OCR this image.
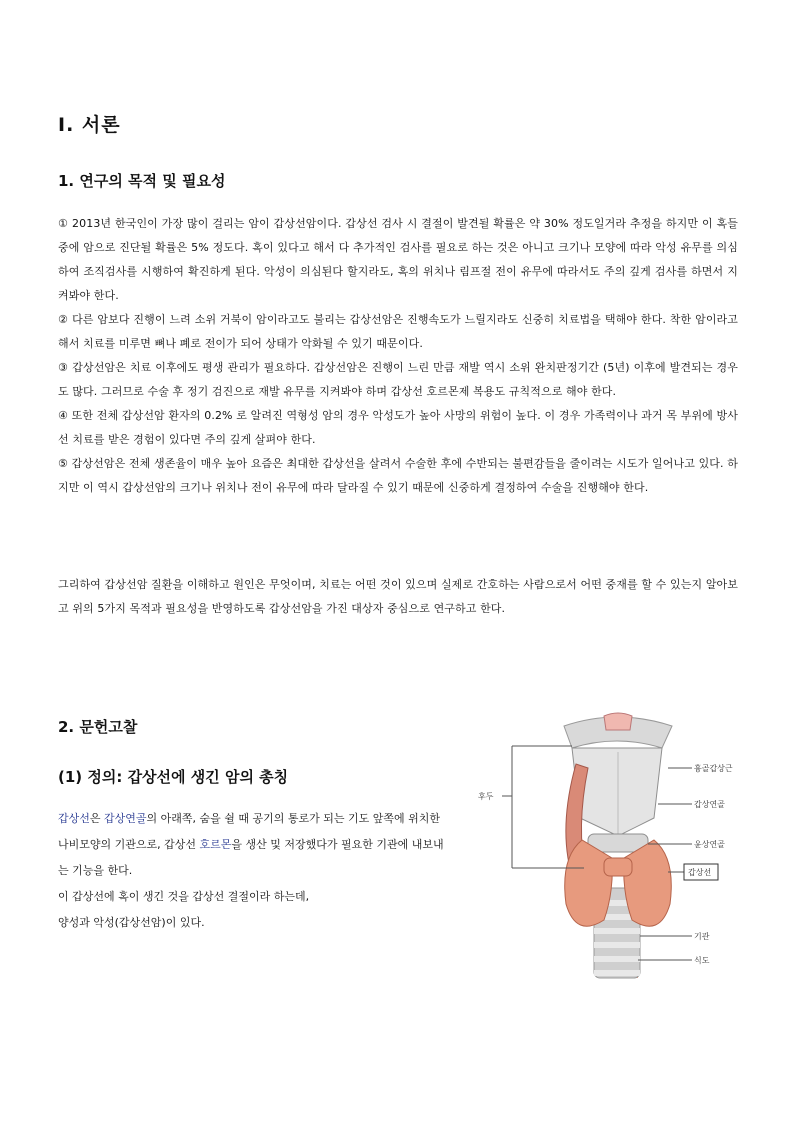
I. 서론
1. 연구의 목적 및 필요성

① 2013년 한국인이 가장 많이 걸리는 암이 갑상선암이다. 갑상선 검사 시 결절이 발견될 확률은 약 30% 정도일거라 추정을 하지만 이 혹들 중에 암으로 진단될 확률은 5% 정도다. 혹이 있다고 해서 다 추가적인 검사를 필요로 하는 것은 아니고 크기나 모양에 따라 악성 유무를 의심하여 조직검사를 시행하여 확진하게 된다. 악성이 의심된다 할지라도, 혹의 위치나 림프절 전이 유무에 따라서도 주의 깊게 검사를 하면서 지켜봐야 한다.

② 다른 암보다 진행이 느려 소위 거북이 암이라고도 불리는 갑상선암은 진행속도가 느릴지라도 신중히 치료법을 택해야 한다. 착한 암이라고 해서 치료를 미루면 뼈나 폐로 전이가 되어 상태가 악화될 수 있기 때문이다.

③ 갑상선암은 치료 이후에도 평생 관리가 필요하다. 갑상선암은 진행이 느린 만큼 재발 역시 소위 완치판정기간 (5년) 이후에 발견되는 경우도 많다. 그러므로 수술 후 정기 검진으로 재발 유무를 지켜봐야 하며 갑상선 호르몬제 복용도 규칙적으로 해야 한다.

④ 또한 전체 갑상선암 환자의 0.2% 로 알려진 역형성 암의 경우 악성도가 높아 사망의 위험이 높다. 이 경우 가족력이나 과거 목 부위에 방사선 치료를 받은 경험이 있다면 주의 깊게 살펴야 한다.

⑤ 갑상선암은 전체 생존율이 매우 높아 요즘은 최대한 갑상선을 살려서 수술한 후에 수반되는 불편감들을 줄이려는 시도가 일어나고 있다. 하지만 이 역시 갑상선암의 크기나 위치나 전이 유무에 따라 달라질 수 있기 때문에 신중하게 결정하여 수술을 진행해야 한다.

그리하여 갑상선암 질환을 이해하고 원인은 무엇이며, 치료는 어떤 것이 있으며 실제로 간호하는 사람으로서 어떤 중재를 할 수 있는지 알아보고 위의 5가지 목적과 필요성을 반영하도록 갑상선암을 가진 대상자 중심으로 연구하고 한다.

2. 문헌고찰
(1) 정의: 갑상선에 생긴 암의 총칭

갑상선은 갑상연골의 아래쪽, 숨을 쉴 때 공기의 통로가 되는 기도 앞쪽에 위치한 나비모양의 기관으로, 갑상선 호르몬을 생산 및 저장했다가 필요한 기관에 내보내는 기능을 한다.

이 갑상선에 혹이 생긴 것을 갑상선 결절이라 하는데,

양성과 악성(갑상선암)이 있다.

후두
흉골갑상근
갑상연골
윤상연골
갑상선
기관
식도
